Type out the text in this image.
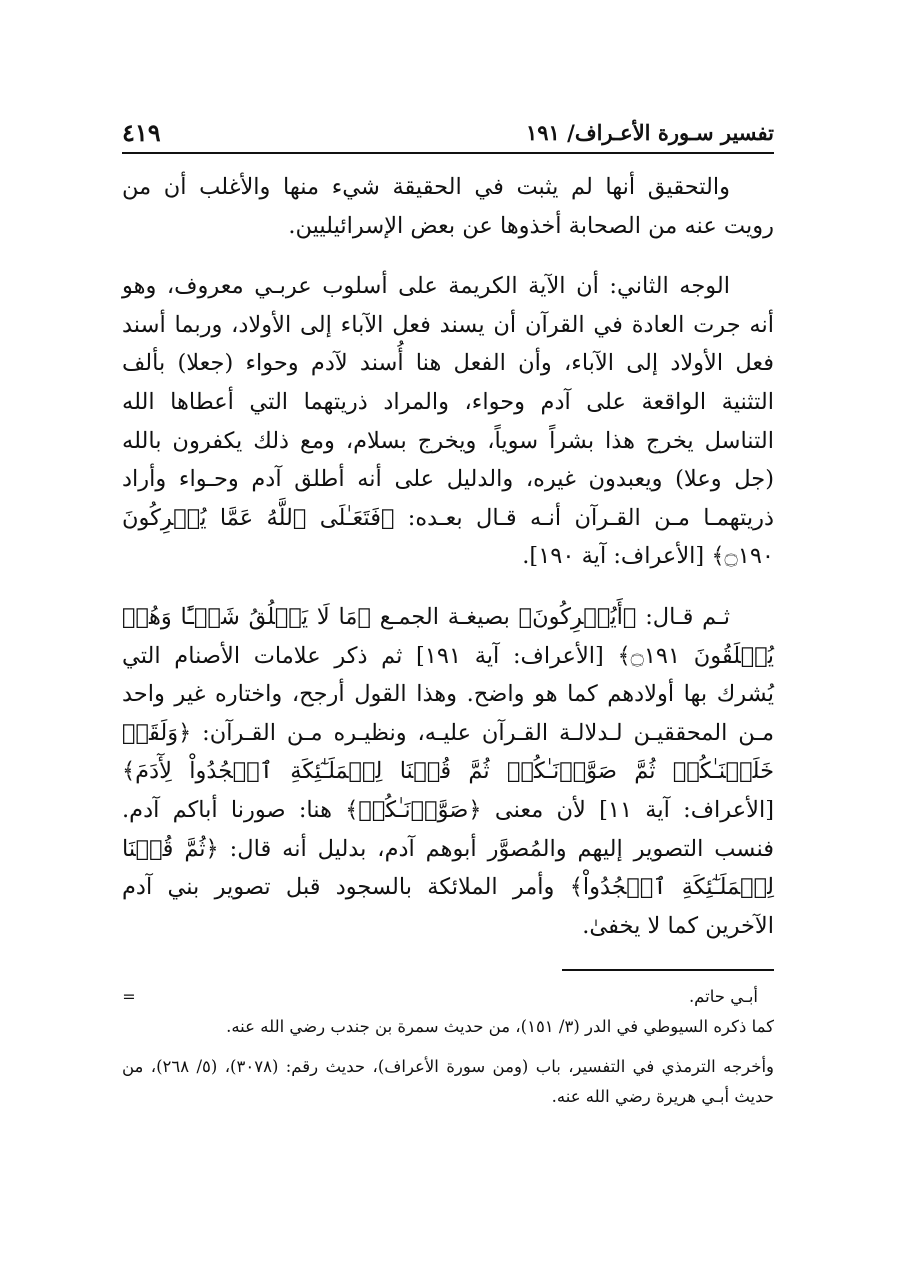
تفسير سـورة الأعـراف/ ١٩١
٤١٩

والتحقيق أنها لم يثبت في الحقيقة شيء منها والأغلب أن من رويت عنه من الصحابة أخذوها عن بعض الإسرائيليين.

الوجه الثاني: أن الآية الكريمة على أسلوب عربـي معروف، وهو أنه جرت العادة في القرآن أن يسند فعل الآباء إلى الأولاد، وربما أسند فعل الأولاد إلى الآباء، وأن الفعل هنا أُسند لآدم وحواء (جعلا) بألف التثنية الواقعة على آدم وحواء، والمراد ذريتهما التي أعطاها الله التناسل يخرج هذا بشراً سوياً، ويخرج بسلام، ومع ذلك يكفرون بالله (جل وعلا) ويعبدون غيره، والدليل على أنه أطلق آدم وحـواء وأراد ذريتهمـا مـن القـرآن أنـه قـال بعـده: ﴿فَتَعَـٰلَى ٱللَّهُ عَمَّا يُشۡرِكُونَ ۝١٩٠﴾ [الأعراف: آية ١٩٠].

ثـم قـال: ﴿أَيُشۡرِكُونَ﴾ بصيغـة الجمـع ﴿مَا لَا يَخۡلُقُ شَيۡـًٔا وَهُمۡ يُخۡلَقُونَ ۝١٩١﴾ [الأعراف: آية ١٩١] ثم ذكر علامات الأصنام التي يُشرك بها أولادهم كما هو واضح. وهذا القول أرجح، واختاره غير واحد مـن المحققيـن لـدلالـة القـرآن عليـه، ونظيـره مـن القـرآن: ﴿وَلَقَدۡ خَلَقۡنَـٰكُمۡ ثُمَّ صَوَّرۡنَـٰكُمۡ ثُمَّ قُلۡنَا لِلۡمَلَـٰٓئِكَةِ ٱسۡجُدُواْ لِأٓدَمَ﴾ [الأعراف: آية ١١] لأن معنى ﴿صَوَّرۡنَـٰكُمۡ﴾ هنا: صورنا أباكم آدم. فنسب التصوير إليهم والمُصوَّر أبوهم آدم، بدليل أنه قال: ﴿ثُمَّ قُلۡنَا لِلۡمَلَـٰٓئِكَةِ ٱسۡجُدُواْ﴾ وأمر الملائكة بالسجود قبل تصوير بني آدم الآخرين كما لا يخفىٰ.

=	أبـي حاتم.

كما ذكره السيوطي في الدر (٣/ ١٥١)، من حديث سمرة بن جندب رضي الله عنه.

وأخرجه الترمذي في التفسير، باب (ومن سورة الأعراف)، حديث رقم: (٣٠٧٨)، (٥/ ٢٦٨)، من حديث أبـي هريرة رضي الله عنه.
